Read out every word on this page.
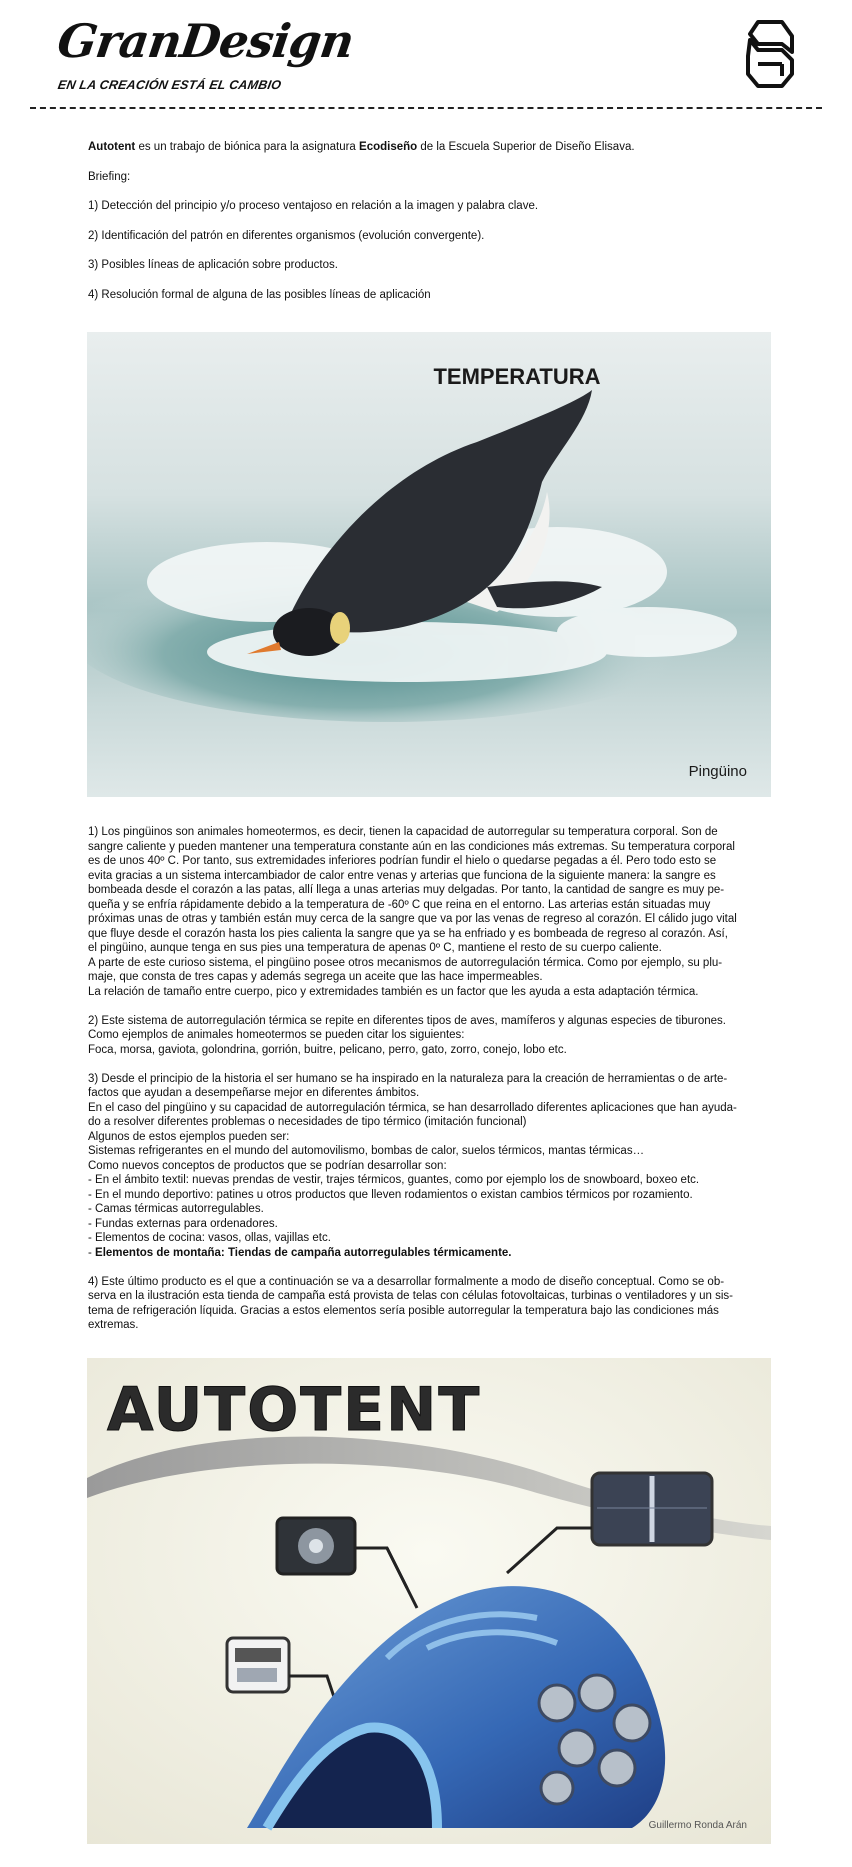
GranDesign
EN LA CREACIÓN ESTÁ EL CAMBIO

Autotent es un trabajo de biónica para la asignatura Ecodiseño de la Escuela Superior de Diseño Elisava.

Briefing:

1) Detección del principio y/o proceso ventajoso en relación a la imagen y palabra clave.

2) Identificación del patrón en diferentes organismos (evolución convergente).

3) Posibles líneas de aplicación sobre productos.

4) Resolución formal de alguna de las posibles líneas de aplicación

TEMPERATURA
Pingüino

1) Los pingüinos son animales homeotermos, es decir, tienen la capacidad de autorregular su temperatura corporal. Son de
sangre caliente y pueden mantener una temperatura constante aún en las condiciones más extremas. Su temperatura corporal
es de unos 40º C. Por tanto, sus extremidades inferiores podrían fundir el hielo o quedarse pegadas a él. Pero todo esto se
evita gracias a un sistema intercambiador de calor entre venas y arterias que funciona de la siguiente manera: la sangre es
bombeada desde el corazón a las patas, allí llega a unas arterias muy delgadas. Por tanto, la cantidad de sangre es muy pe-
queña y se enfría rápidamente debido a la temperatura de -60º C que reina en el entorno. Las arterias están situadas muy
próximas unas de otras y también están muy cerca de la sangre que va por las venas de regreso al corazón. El cálido jugo vital
que fluye desde el corazón hasta los pies calienta la sangre que ya se ha enfriado y es bombeada de regreso al corazón. Así,
el pingüino, aunque tenga en sus pies una temperatura de apenas 0º C, mantiene el resto de su cuerpo caliente.
A parte de este curioso sistema, el pingüino posee otros mecanismos de autorregulación térmica. Como por ejemplo, su plu-
maje, que consta de tres capas y además segrega un aceite que las hace impermeables.
La relación de tamaño entre cuerpo, pico y extremidades también es un factor que les ayuda a esta adaptación térmica.

2) Este sistema de autorregulación térmica se repite en diferentes tipos de aves, mamíferos y algunas especies de tiburones.
Como ejemplos de animales homeotermos se pueden citar los siguientes:
Foca, morsa, gaviota, golondrina, gorrión, buitre, pelicano, perro, gato, zorro, conejo, lobo etc.

3) Desde el principio de la historia el ser humano se ha inspirado en la naturaleza para la creación de herramientas o de arte-
factos que ayudan a desempeñarse mejor en diferentes ámbitos.
En el caso del pingüino y su capacidad de autorregulación térmica, se han desarrollado diferentes aplicaciones que han ayuda-
do a resolver diferentes problemas o necesidades de tipo térmico (imitación funcional)
Algunos de estos ejemplos pueden ser:
Sistemas refrigerantes en el mundo del automovilismo, bombas de calor, suelos térmicos, mantas térmicas…
Como nuevos conceptos de productos que se podrían desarrollar son:
- En el ámbito textil: nuevas prendas de vestir, trajes térmicos, guantes, como por ejemplo los de snowboard, boxeo etc.
- En el mundo deportivo: patines u otros productos que lleven rodamientos o existan cambios térmicos por rozamiento.
- Camas térmicas autorregulables.
- Fundas externas para ordenadores.
- Elementos de cocina: vasos, ollas, vajillas etc.
- Elementos de montaña: Tiendas de campaña autorregulables térmicamente.

4) Este último producto es el que a continuación se va a desarrollar formalmente a modo de diseño conceptual. Como se ob-
serva en la ilustración esta tienda de campaña está provista de telas con células fotovoltaicas, turbinas o ventiladores y un sis-
tema de refrigeración líquida. Gracias a estos elementos sería posible autorregular la temperatura bajo las condiciones más
extremas.

AUTOTENT
Guillermo Ronda Arán
